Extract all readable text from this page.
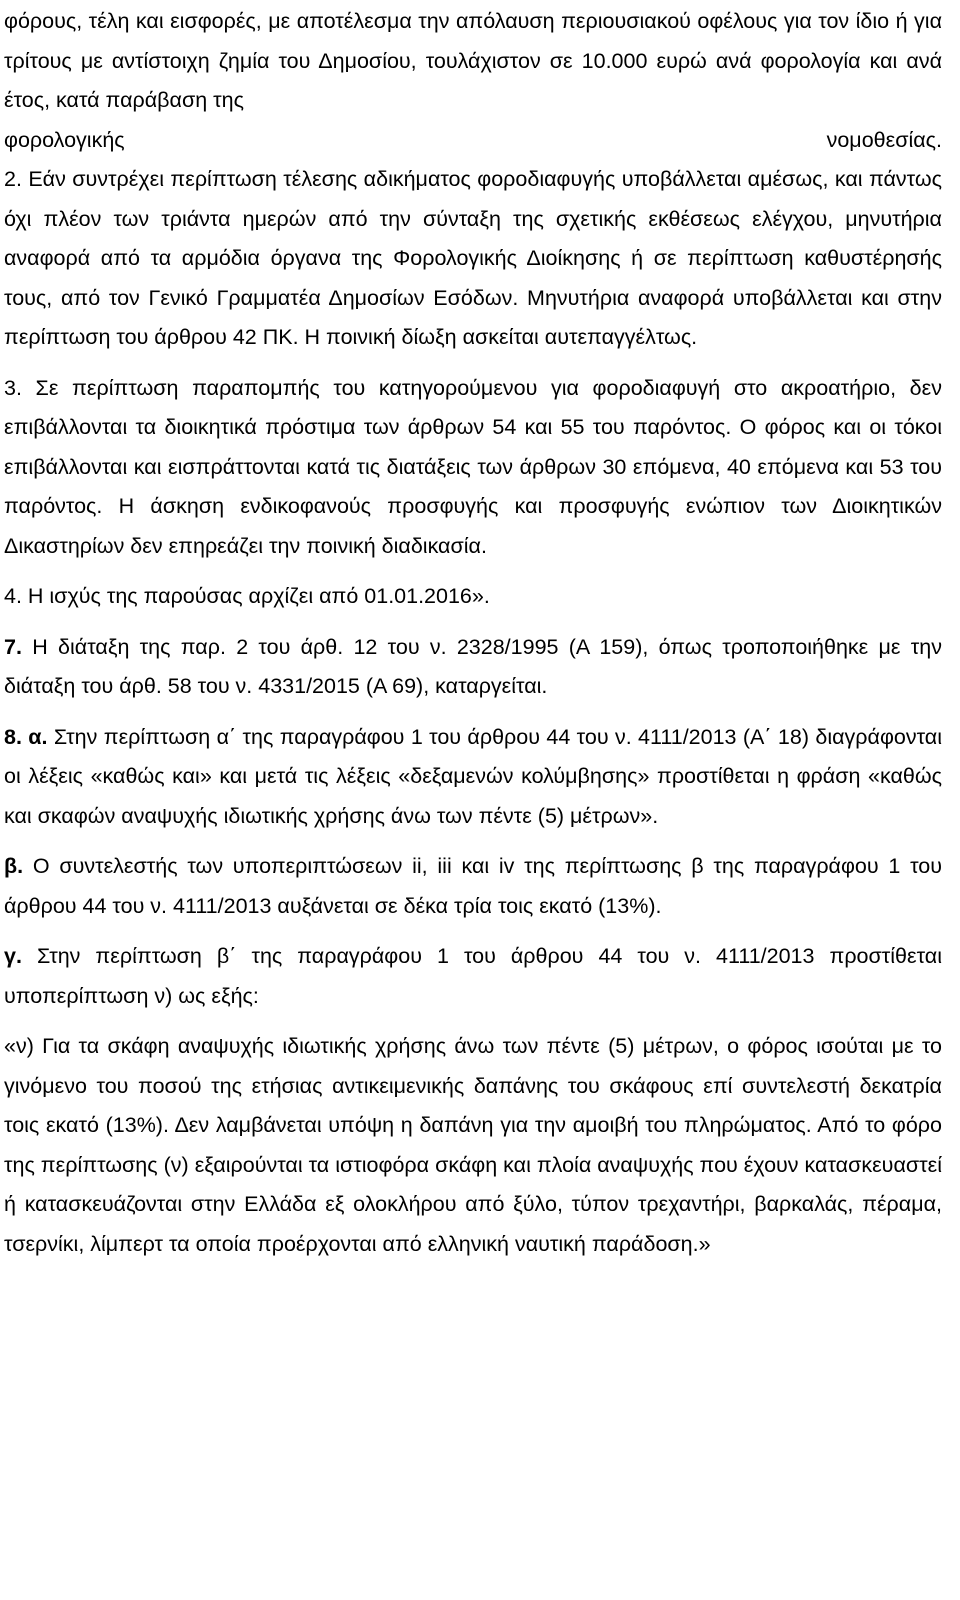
φόρους, τέλη και εισφορές, με αποτέλεσμα την απόλαυση περιουσιακού οφέλους για τον ίδιο ή για τρίτους με αντίστοιχη ζημία του Δημοσίου, τουλάχιστον σε 10.000 ευρώ ανά φορολογία και ανά έτος, κατά παράβαση της

φορολογικής	νομοθεσίας.

2. Εάν συντρέχει περίπτωση τέλεσης αδικήματος φοροδιαφυγής υποβάλλεται αμέσως, και πάντως όχι πλέον των τριάντα ημερών από την σύνταξη της σχετικής εκθέσεως ελέγχου, μηνυτήρια αναφορά από τα αρμόδια όργανα της Φορολογικής Διοίκησης ή σε περίπτωση καθυστέρησής τους, από τον Γενικό Γραμματέα Δημοσίων Εσόδων. Μηνυτήρια αναφορά υποβάλλεται και στην περίπτωση του άρθρου 42 ΠΚ. Η ποινική δίωξη ασκείται αυτεπαγγέλτως.

3. Σε περίπτωση παραπομπής του κατηγορούμενου για φοροδιαφυγή στο ακροατήριο, δεν επιβάλλονται τα διοικητικά πρόστιμα των άρθρων 54 και 55 του παρόντος. Ο φόρος και οι τόκοι επιβάλλονται και εισπράττονται κατά τις διατάξεις των άρθρων 30 επόμενα, 40 επόμενα και 53 του παρόντος. Η άσκηση ενδικοφανούς προσφυγής και προσφυγής ενώπιον των Διοικητικών Δικαστηρίων δεν επηρεάζει την ποινική διαδικασία.

4. Η ισχύς της παρούσας αρχίζει από 01.01.2016».

7. Η διάταξη της παρ. 2 του άρθ. 12 του ν. 2328/1995 (Α 159), όπως τροποποιήθηκε με την διάταξη του άρθ. 58 του ν. 4331/2015 (Α 69), καταργείται.

8. α. Στην περίπτωση α΄ της παραγράφου 1 του άρθρου 44 του ν. 4111/2013 (Α΄ 18) διαγράφονται οι λέξεις «καθώς και» και μετά τις λέξεις «δεξαμενών κολύμβησης» προστίθεται η φράση «καθώς και σκαφών αναψυχής ιδιωτικής χρήσης άνω των πέντε (5) μέτρων».

β. Ο συντελεστής των υποπεριπτώσεων ii, iii και iv της περίπτωσης β της παραγράφου 1 του άρθρου 44 του ν. 4111/2013 αυξάνεται σε δέκα τρία τοις εκατό (13%).

γ. Στην περίπτωση β΄ της παραγράφου 1 του άρθρου 44 του ν. 4111/2013 προστίθεται υποπερίπτωση ν) ως εξής:

«ν) Για τα σκάφη αναψυχής ιδιωτικής χρήσης άνω των πέντε (5) μέτρων, ο φόρος ισούται με το γινόμενο του ποσού της ετήσιας αντικειμενικής δαπάνης του σκάφους επί συντελεστή δεκατρία τοις εκατό (13%). Δεν λαμβάνεται υπόψη η δαπάνη για την αμοιβή του πληρώματος. Από το φόρο της περίπτωσης (ν) εξαιρούνται τα ιστιοφόρα σκάφη και πλοία αναψυχής που έχουν κατασκευαστεί ή κατασκευάζονται στην Ελλάδα εξ ολοκλήρου από ξύλο, τύπον τρεχαντήρι, βαρκαλάς, πέραμα, τσερνίκι, λίμπερτ τα οποία προέρχονται από ελληνική ναυτική παράδοση.»
